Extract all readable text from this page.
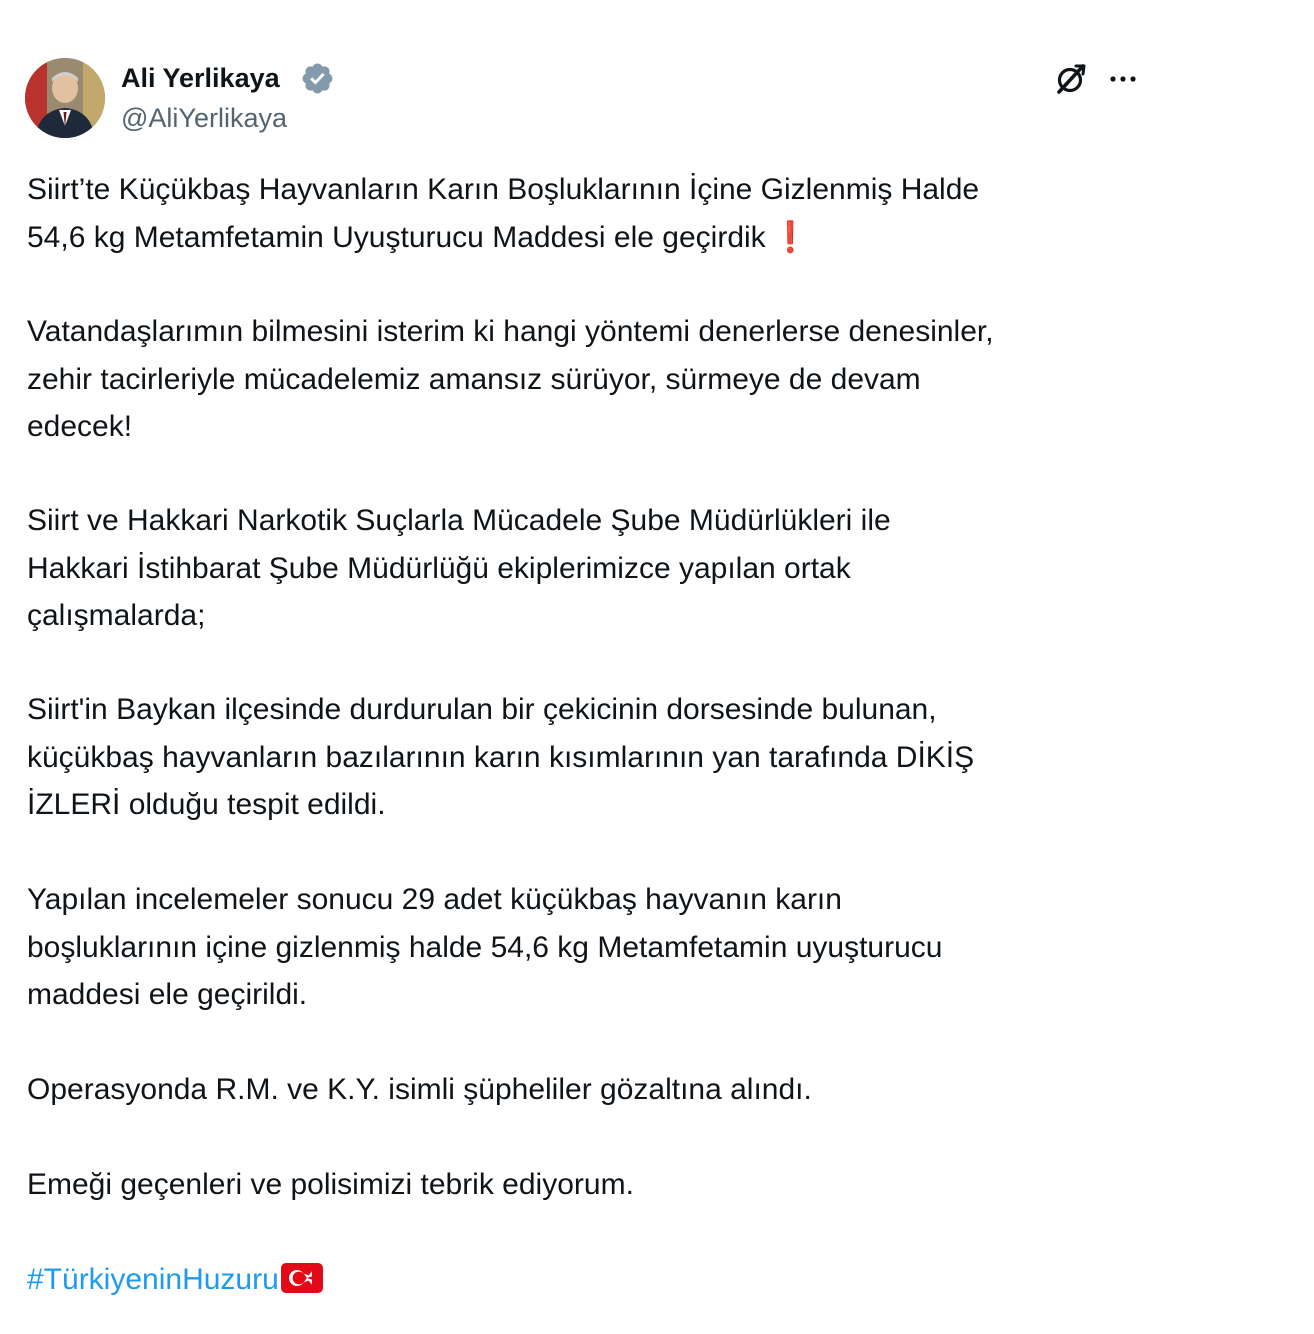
Ali Yerlikaya
@AliYerlikaya
Siirt’te Küçükbaş Hayvanların Karın Boşluklarının İçine Gizlenmiş Halde
54,6 kg Metamfetamin Uyuşturucu Maddesi ele geçirdik ❗
Vatandaşlarımın bilmesini isterim ki hangi yöntemi denerlerse denesinler,
zehir tacirleriyle mücadelemiz amansız sürüyor, sürmeye de devam
edecek!
Siirt ve Hakkari Narkotik Suçlarla Mücadele Şube Müdürlükleri ile
Hakkari İstihbarat Şube Müdürlüğü ekiplerimizce yapılan ortak
çalışmalarda;
Siirt'in Baykan ilçesinde durdurulan bir çekicinin dorsesinde bulunan,
küçükbaş hayvanların bazılarının karın kısımlarının yan tarafında DİKİŞ
İZLERİ olduğu tespit edildi.
Yapılan incelemeler sonucu 29 adet küçükbaş hayvanın karın
boşluklarının içine gizlenmiş halde 54,6 kg Metamfetamin uyuşturucu
maddesi ele geçirildi.
Operasyonda R.M. ve K.Y. isimli şüpheliler gözaltına alındı.
Emeği geçenleri ve polisimizi tebrik ediyorum.
#TürkiyeninHuzuru
